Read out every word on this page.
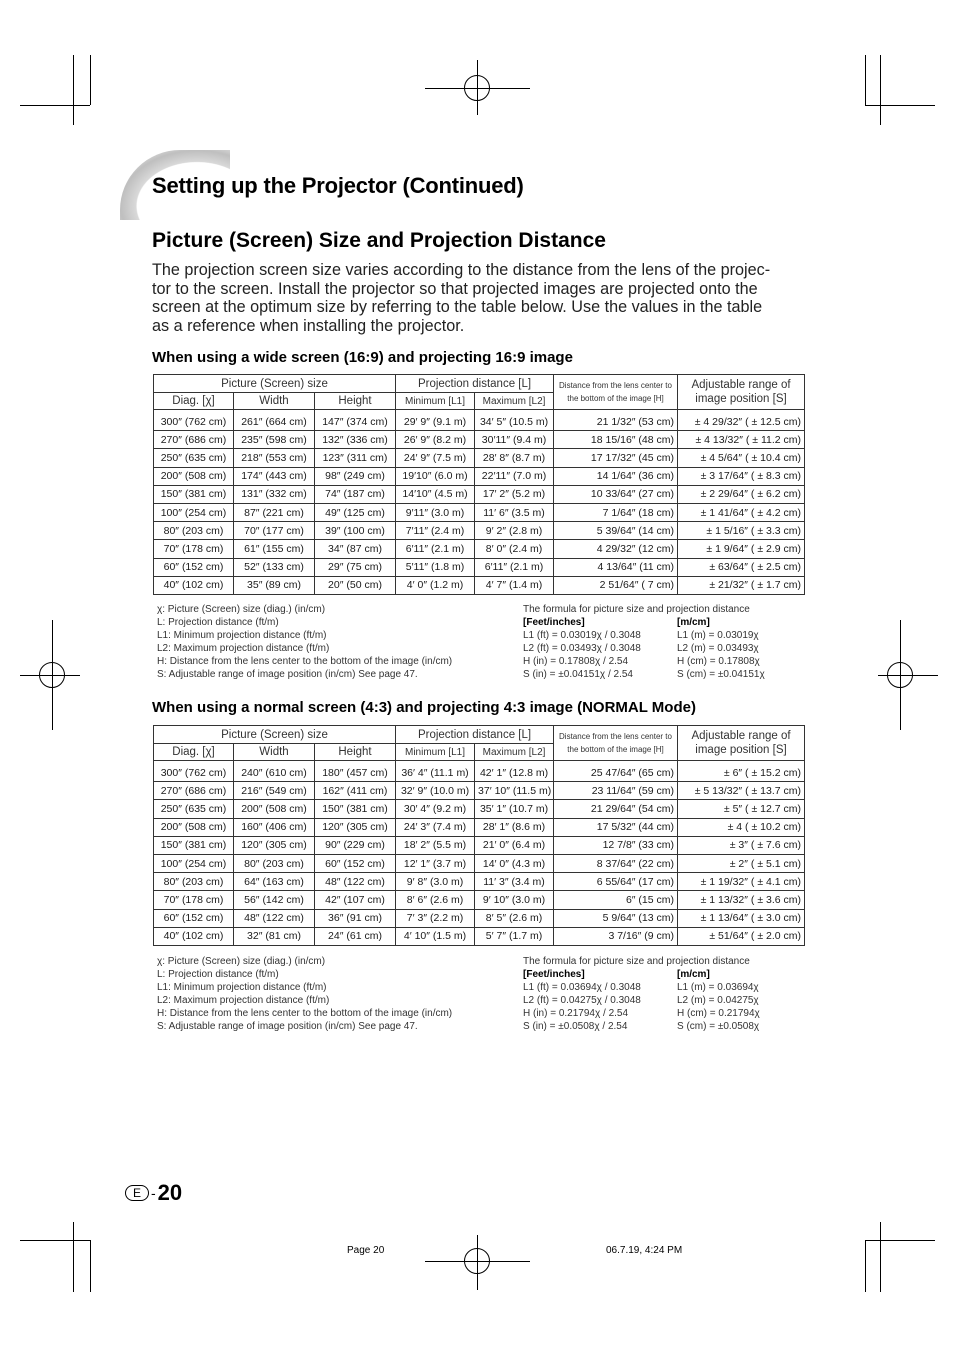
Setting up the Projector (Continued)
Picture (Screen) Size and Projection Distance
The projection screen size varies according to the distance from the lens of the projec-
tor to the screen. Install the projector so that projected images are projected onto the
screen at the optimum size by referring to the table below. Use the values in the table
as a reference when installing the projector.
When using a wide screen (16:9) and projecting 16:9 image
Picture (Screen) size			Projection distance [L]		Distance from the lens center to the bottom of the image [H]	Adjustable range of image position [S]
Diag. [χ]	Width	Height	Minimum [L1]	Maximum [L2]		
300″ (762 cm)	261″ (664 cm)	147″ (374 cm)	29′ 9″ (9.1 m)	34′ 5″ (10.5 m)	21 1/32″ (53 cm)	± 4 29/32″ ( ± 12.5 cm)
270″ (686 cm)	235″ (598 cm)	132″ (336 cm)	26′ 9″ (8.2 m)	30′11″ (9.4 m)	18 15/16″ (48 cm)	± 4 13/32″ ( ± 11.2 cm)
250″ (635 cm)	218″ (553 cm)	123″ (311 cm)	24′ 9″ (7.5 m)	28′ 8″ (8.7 m)	17 17/32″ (45 cm)	± 4 5/64″ ( ± 10.4 cm)
200″ (508 cm)	174″ (443 cm)	98″ (249 cm)	19′10″ (6.0 m)	22′11″ (7.0 m)	14 1/64″ (36 cm)	± 3 17/64″ ( ± 8.3 cm)
150″ (381 cm)	131″ (332 cm)	74″ (187 cm)	14′10″ (4.5 m)	17′ 2″ (5.2 m)	10 33/64″ (27 cm)	± 2 29/64″ ( ± 6.2 cm)
100″ (254 cm)	87″ (221 cm)	49″ (125 cm)	9′11″ (3.0 m)	11′ 6″ (3.5 m)	7 1/64″ (18 cm)	± 1 41/64″ ( ± 4.2 cm)
80″ (203 cm)	70″ (177 cm)	39″ (100 cm)	7′11″ (2.4 m)	9′ 2″ (2.8 m)	5 39/64″ (14 cm)	± 1 5/16″ ( ± 3.3 cm)
70″ (178 cm)	61″ (155 cm)	34″ (87 cm)	6′11″ (2.1 m)	8′ 0″ (2.4 m)	4 29/32″ (12 cm)	± 1 9/64″ ( ± 2.9 cm)
60″ (152 cm)	52″ (133 cm)	29″ (75 cm)	5′11″ (1.8 m)	6′11″ (2.1 m)	4 13/64″ (11 cm)	± 63/64″ ( ± 2.5 cm)
40″ (102 cm)	35″ (89 cm)	20″ (50 cm)	4′ 0″ (1.2 m)	4′ 7″ (1.4 m)	2 51/64″ ( 7 cm)	± 21/32″ ( ± 1.7 cm)
χ: Picture (Screen) size (diag.) (in/cm)
L: Projection distance (ft/m)
L1: Minimum projection distance (ft/m)
L2: Maximum projection distance (ft/m)
H: Distance from the lens center to the bottom of the image (in/cm)
S: Adjustable range of image position (in/cm) See page 47.
The formula for picture size and projection distance
[Feet/inches]	[m/cm]
L1 (ft) = 0.03019χ / 0.3048	L1 (m) = 0.03019χ
L2 (ft) = 0.03493χ / 0.3048	L2 (m) = 0.03493χ
H (in) = 0.17808χ / 2.54	H (cm) = 0.17808χ
S (in) = ±0.04151χ / 2.54	S (cm) = ±0.04151χ
When using a normal screen (4:3) and projecting 4:3 image (NORMAL Mode)
Picture (Screen) size			Projection distance [L]		Distance from the lens center to the bottom of the image [H]	Adjustable range of image position [S]
Diag. [χ]	Width	Height	Minimum [L1]	Maximum [L2]		
300″ (762 cm)	240″ (610 cm)	180″ (457 cm)	36′ 4″ (11.1 m)	42′ 1″ (12.8 m)	25 47/64″ (65 cm)	± 6″ ( ± 15.2 cm)
270″ (686 cm)	216″ (549 cm)	162″ (411 cm)	32′ 9″ (10.0 m)	37′ 10″ (11.5 m)	23 11/64″ (59 cm)	± 5 13/32″ ( ± 13.7 cm)
250″ (635 cm)	200″ (508 cm)	150″ (381 cm)	30′ 4″ (9.2 m)	35′ 1″ (10.7 m)	21 29/64″ (54 cm)	± 5″ ( ± 12.7 cm)
200″ (508 cm)	160″ (406 cm)	120″ (305 cm)	24′ 3″ (7.4 m)	28′ 1″ (8.6 m)	17 5/32″ (44 cm)	± 4 ( ± 10.2 cm)
150″ (381 cm)	120″ (305 cm)	90″ (229 cm)	18′ 2″ (5.5 m)	21′ 0″ (6.4 m)	12 7/8″ (33 cm)	± 3″ ( ± 7.6 cm)
100″ (254 cm)	80″ (203 cm)	60″ (152 cm)	12′ 1″ (3.7 m)	14′ 0″ (4.3 m)	8 37/64″ (22 cm)	± 2″ ( ± 5.1 cm)
80″ (203 cm)	64″ (163 cm)	48″ (122 cm)	9′ 8″ (3.0 m)	11′ 3″ (3.4 m)	6 55/64″ (17 cm)	± 1 19/32″ ( ± 4.1 cm)
70″ (178 cm)	56″ (142 cm)	42″ (107 cm)	8′ 6″ (2.6 m)	9′ 10″ (3.0 m)	6″ (15 cm)	± 1 13/32″ ( ± 3.6 cm)
60″ (152 cm)	48″ (122 cm)	36″ (91 cm)	7′ 3″ (2.2 m)	8′ 5″ (2.6 m)	5 9/64″ (13 cm)	± 1 13/64″ ( ± 3.0 cm)
40″ (102 cm)	32″ (81 cm)	24″ (61 cm)	4′ 10″ (1.5 m)	5′ 7″ (1.7 m)	3 7/16″ (9 cm)	± 51/64″ ( ± 2.0 cm)
χ: Picture (Screen) size (diag.) (in/cm)
L: Projection distance (ft/m)
L1: Minimum projection distance (ft/m)
L2: Maximum projection distance (ft/m)
H: Distance from the lens center to the bottom of the image (in/cm)
S: Adjustable range of image position (in/cm) See page 47.
The formula for picture size and projection distance
[Feet/inches]	[m/cm]
L1 (ft) = 0.03694χ / 0.3048	L1 (m) = 0.03694χ
L2 (ft) = 0.04275χ / 0.3048	L2 (m) = 0.04275χ
H (in) = 0.21794χ / 2.54	H (cm) = 0.21794χ
S (in) = ±0.0508χ / 2.54	S (cm) = ±0.0508χ
E - 20
Page 20	06.7.19, 4:24 PM
